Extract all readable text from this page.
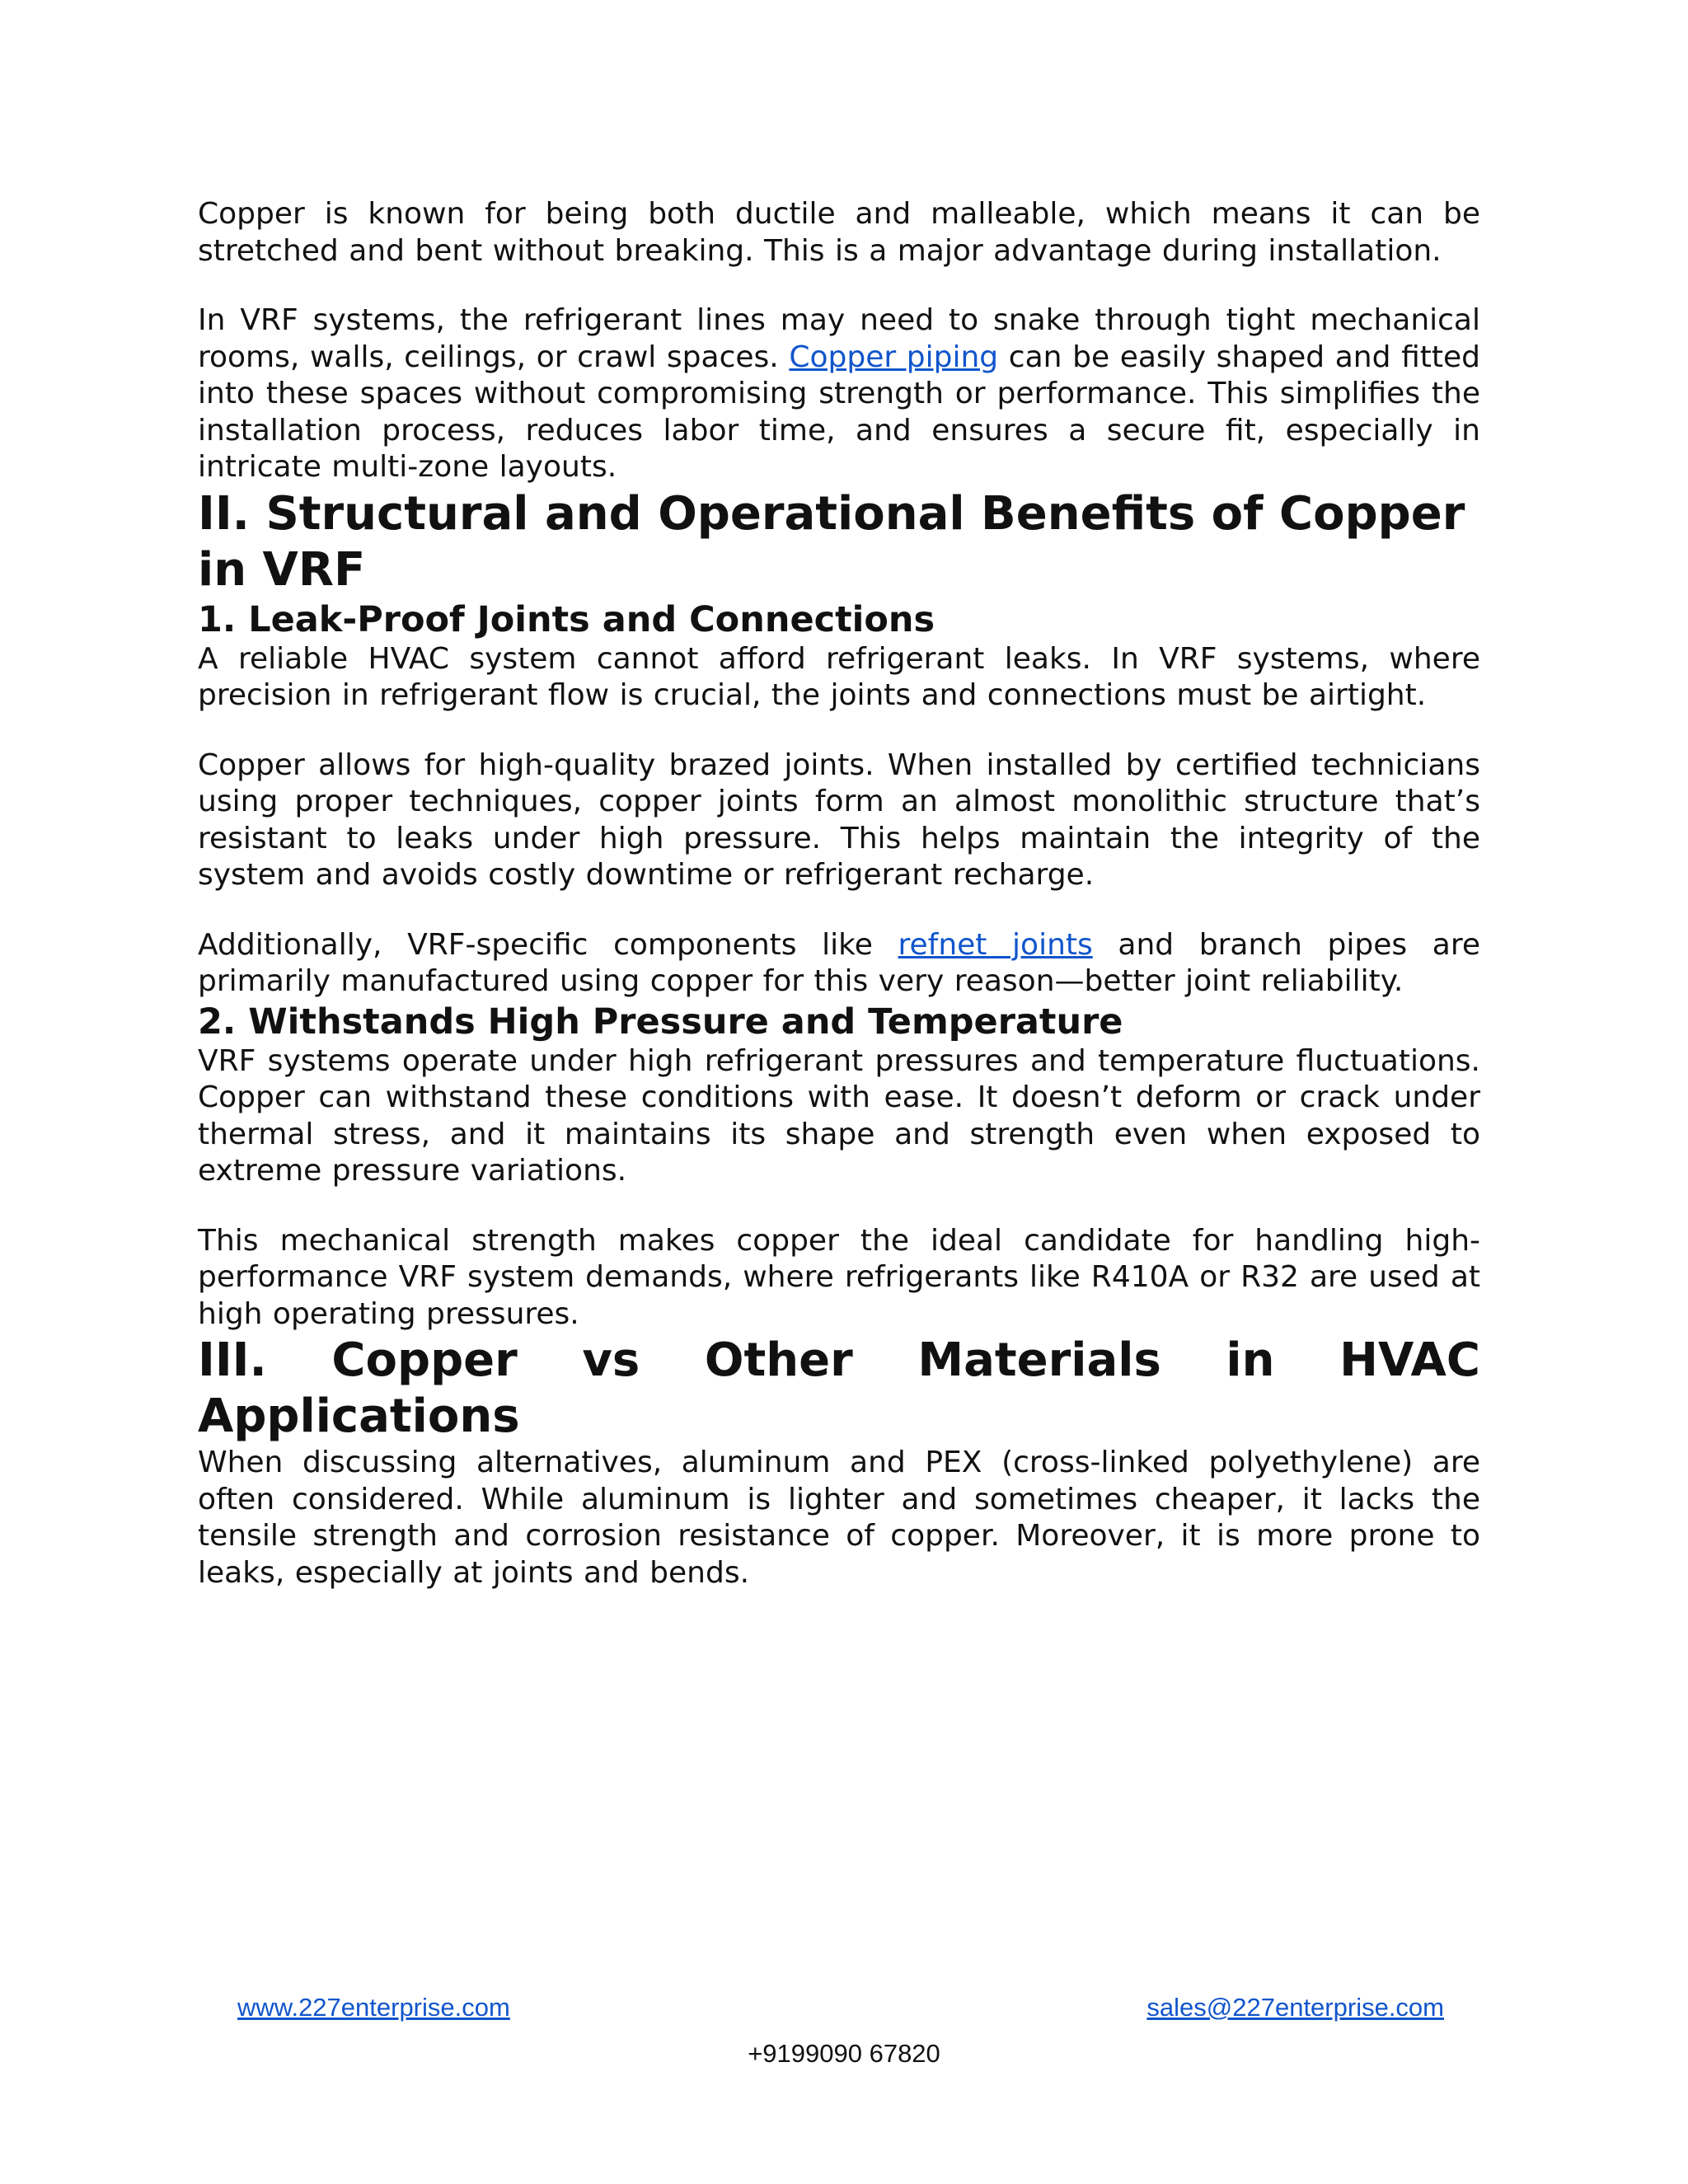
Copper is known for being both ductile and malleable, which means it can be stretched and bent without breaking. This is a major advantage during installation.

In VRF systems, the refrigerant lines may need to snake through tight mechanical rooms, walls, ceilings, or crawl spaces. Copper piping can be easily shaped and fitted into these spaces without compromising strength or performance. This simplifies the installation process, reduces labor time, and ensures a secure fit, especially in intricate multi-zone layouts.

II. Structural and Operational Benefits of Copper in VRF
1. Leak-Proof Joints and Connections

A reliable HVAC system cannot afford refrigerant leaks. In VRF systems, where precision in refrigerant flow is crucial, the joints and connections must be airtight.

Copper allows for high-quality brazed joints. When installed by certified technicians using proper techniques, copper joints form an almost monolithic structure that’s resistant to leaks under high pressure. This helps maintain the integrity of the system and avoids costly downtime or refrigerant recharge.

Additionally, VRF-specific components like refnet joints and branch pipes are primarily manufactured using copper for this very reason—better joint reliability.

2. Withstands High Pressure and Temperature

VRF systems operate under high refrigerant pressures and temperature fluctuations. Copper can withstand these conditions with ease. It doesn’t deform or crack under thermal stress, and it maintains its shape and strength even when exposed to extreme pressure variations.

This mechanical strength makes copper the ideal candidate for handling high-performance VRF system demands, where refrigerants like R410A or R32 are used at high operating pressures.

III. Copper vs Other Materials in HVAC
Applications

When discussing alternatives, aluminum and PEX (cross-linked polyethylene) are often considered. While aluminum is lighter and sometimes cheaper, it lacks the tensile strength and corrosion resistance of copper. Moreover, it is more prone to leaks, especially at joints and bends.

www.227enterprise.com	sales@227enterprise.com
+9199090 67820
